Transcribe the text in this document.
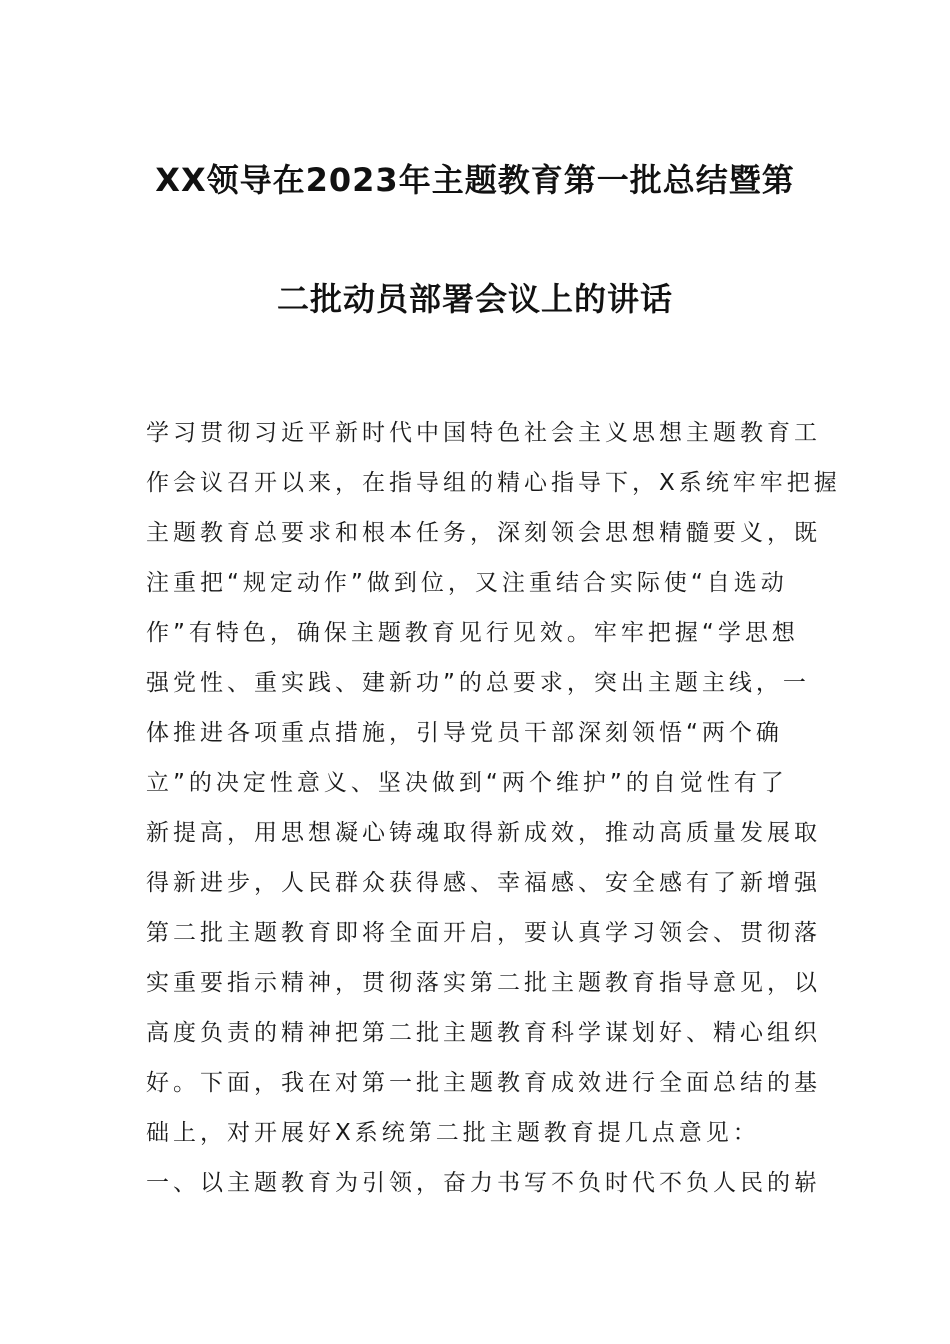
XX领导在2023年主题教育第一批总结暨第
二批动员部署会议上的讲话
学习贯彻习近平新时代中国特色社会主义思想主题教育工
作会议召开以来，在指导组的精心指导下，X系统牢牢把握
主题教育总要求和根本任务，深刻领会思想精髓要义，既
注重把“规定动作”做到位，又注重结合实际使“自选动
作”有特色，确保主题教育见行见效。牢牢把握“学思想
强党性、重实践、建新功”的总要求，突出主题主线，一
体推进各项重点措施，引导党员干部深刻领悟“两个确
立”的决定性意义、坚决做到“两个维护”的自觉性有了
新提高，用思想凝心铸魂取得新成效，推动高质量发展取
得新进步，人民群众获得感、幸福感、安全感有了新增强
第二批主题教育即将全面开启，要认真学习领会、贯彻落
实重要指示精神，贯彻落实第二批主题教育指导意见，以
高度负责的精神把第二批主题教育科学谋划好、精心组织
好。下面，我在对第一批主题教育成效进行全面总结的基
础上，对开展好X系统第二批主题教育提几点意见：
一、以主题教育为引领，奋力书写不负时代不负人民的崭
